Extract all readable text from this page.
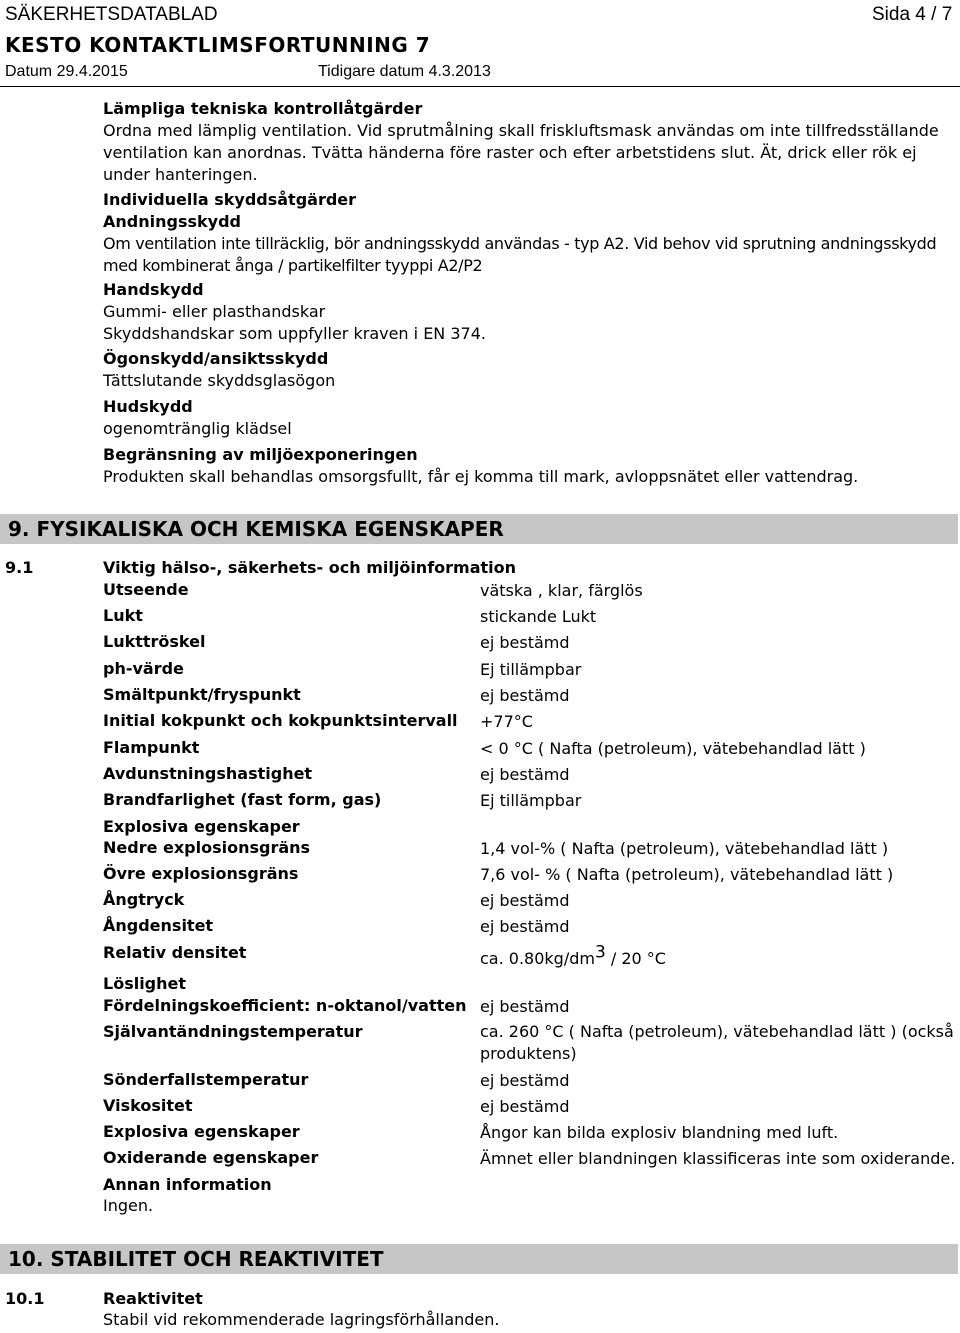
SÄKERHETSDATABLAD	Sida 4 / 7
KESTO KONTAKTLIMSFORTUNNING 7
Datum 29.4.2015	Tidigare datum 4.3.2013
Lämpliga tekniska kontrollåtgärder
Ordna med lämplig ventilation. Vid sprutmålning skall friskluftsmask användas om inte tillfredsställande ventilation kan anordnas. Tvätta händerna före raster och efter arbetstidens slut. Ät, drick eller rök ej under hanteringen.
Individuella skyddsåtgärder
Andningsskydd
Om ventilation inte tillräcklig, bör andningsskydd användas - typ A2. Vid behov vid sprutning andningsskydd med kombinerat ånga / partikelfilter tyyppi A2/P2
Handskydd
Gummi- eller plasthandskar
Skyddshandskar som uppfyller kraven i EN 374.
Ögonskydd/ansiktsskydd
Tättslutande skyddsglasögon
Hudskydd
ogenomtränglig klädsel
Begränsning av miljöexponeringen
Produkten skall behandlas omsorgsfullt, får ej komma till mark, avloppsnätet eller vattendrag.
9. FYSIKALISKA OCH KEMISKA EGENSKAPER
9.1	Viktig hälso-, säkerhets- och miljöinformation
Utseende	vätska , klar, färglös
Lukt	stickande Lukt
Lukttröskel	ej bestämd
ph-värde	Ej tillämpbar
Smältpunkt/fryspunkt	ej bestämd
Initial kokpunkt och kokpunktsintervall +77°C
Flampunkt	< 0 °C ( Nafta (petroleum), vätebehandlad lätt )
Avdunstningshastighet	ej bestämd
Brandfarlighet (fast form, gas)	Ej tillämpbar
Explosiva egenskaper
Nedre explosionsgräns	1,4 vol-% ( Nafta (petroleum), vätebehandlad lätt )
Övre explosionsgräns	7,6 vol- % ( Nafta (petroleum), vätebehandlad lätt )
Ångtryck	ej bestämd
Ångdensitet	ej bestämd
Relativ densitet	ca. $0.80kg/dm^3 / 20$ °C
Löslighet
Fördelningskoefficient: n-oktanol/vatten ej bestämd
Självantändningstemperatur	ca. 260 °C ( Nafta (petroleum), vätebehandlad lätt ) (också
produktens)
Sönderfallstemperatur	ej bestämd
Viskositet	ej bestämd
Explosiva egenskaper	Ångor kan bilda explosiv blandning med luft.
Oxiderande egenskaper	Ämnet eller blandningen klassificeras inte som oxiderande.
Annan information
Ingen.
10. STABILITET OCH REAKTIVITET
10.1	Reaktivitet
Stabil vid rekommenderade lagringsförhållanden.
